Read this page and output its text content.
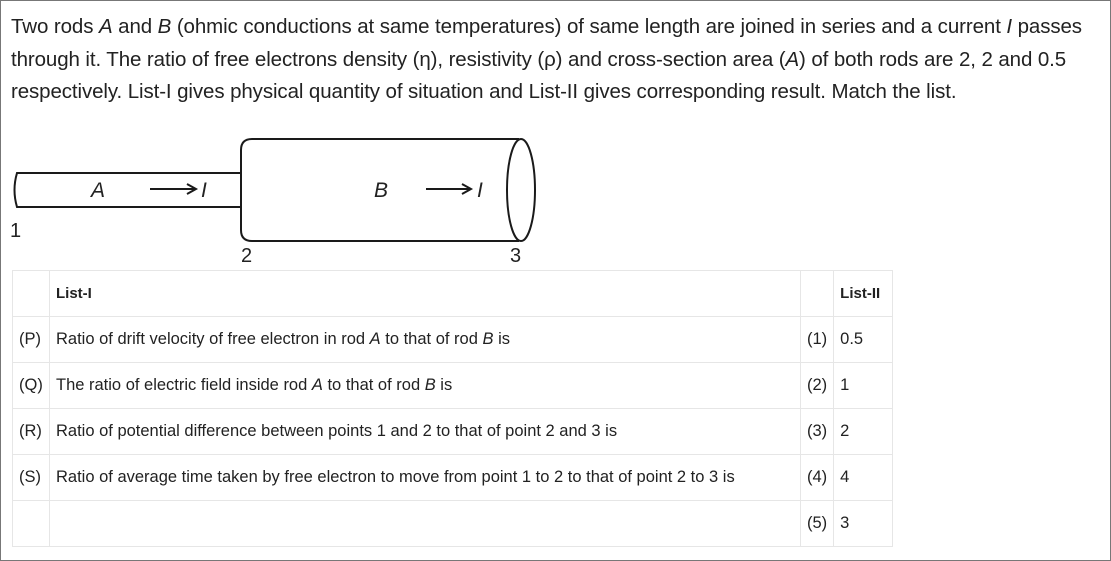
Two rods A and B (ohmic conductions at same temperatures) of same length are joined in series and a current I passes through it. The ratio of free electrons density (η), resistivity (ρ) and cross-section area (A) of both rods are 2, 2 and 0.5 respectively. List-I gives physical quantity of situation and List-II gives corresponding result. Match the list.
A	I	B	I
1
2	3
	List-I		List-II
(P)	Ratio of drift velocity of free electron in rod A to that of rod B is	(1)	0.5
(Q)	The ratio of electric field inside rod A to that of rod B is	(2)	1
(R)	Ratio of potential difference between points 1 and 2 to that of point 2 and 3 is	(3)	2
(S)	Ratio of average time taken by free electron to move from point 1 to 2 to that of point 2 to 3 is	(4)	4
		(5)	3
